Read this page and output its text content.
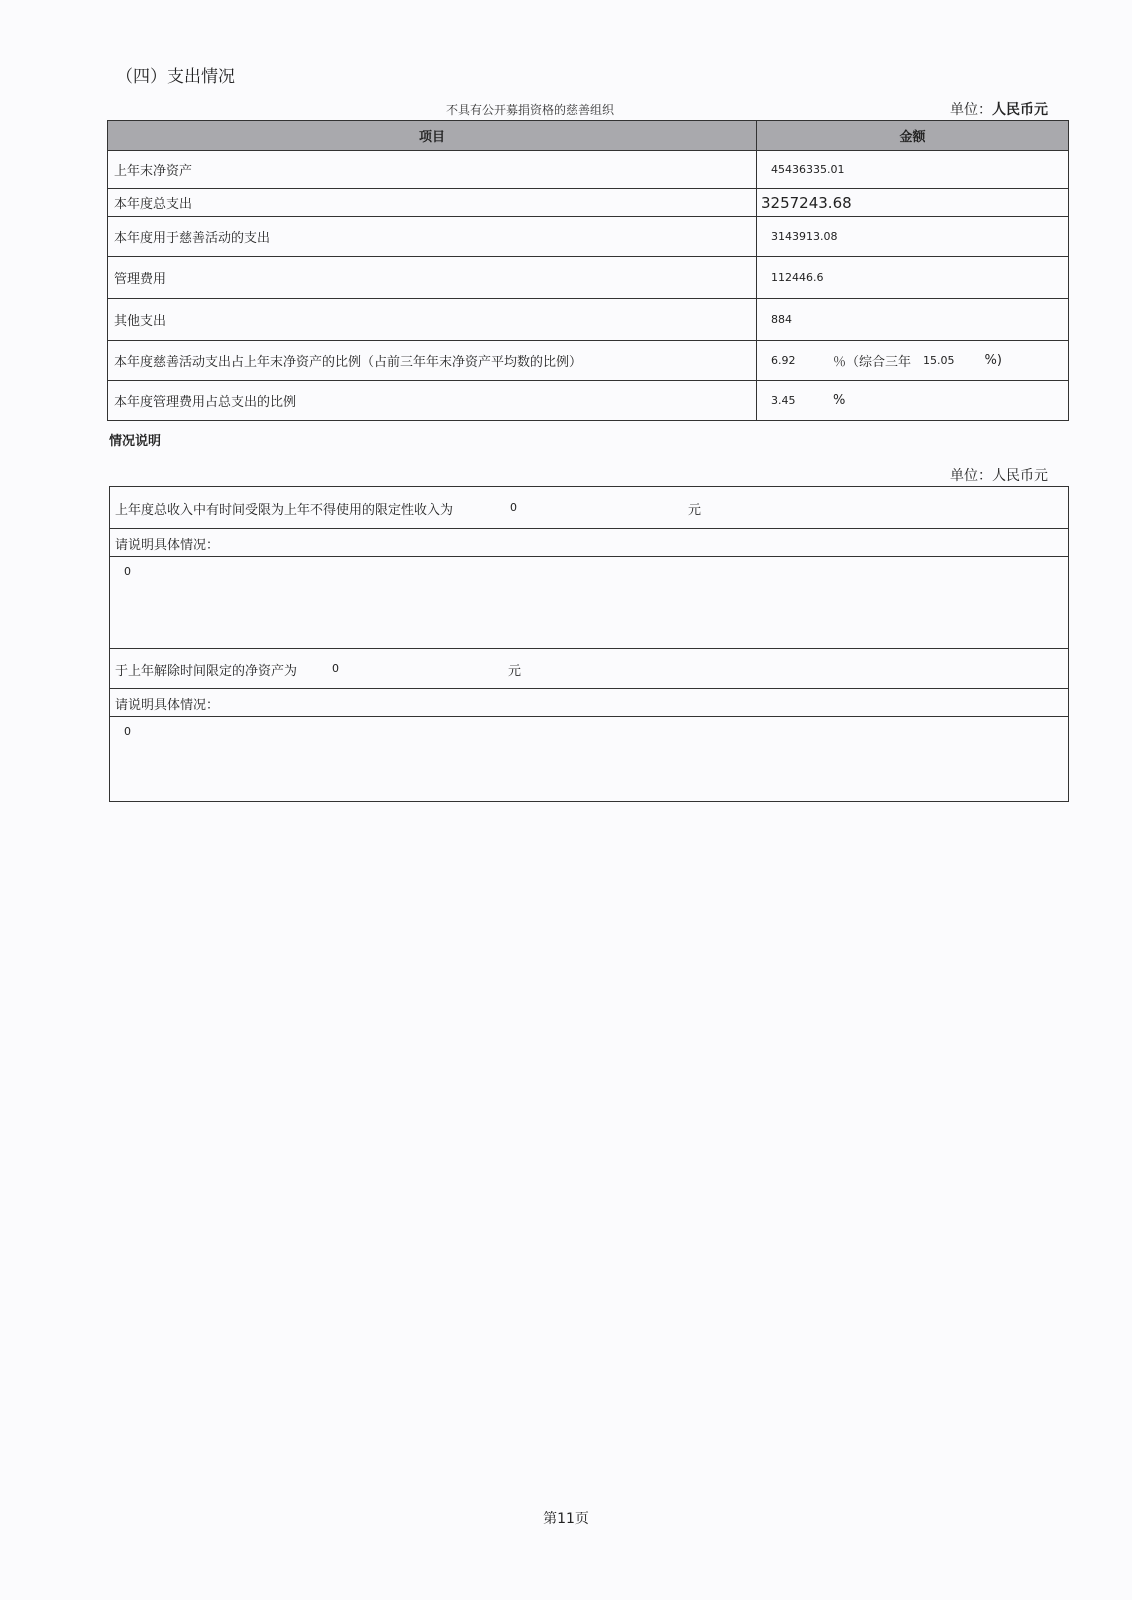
（四）支出情况
不具有公开募捐资格的慈善组织	单位：人民币元
项目	金额
上年末净资产	45436335.01
本年度总支出	3257243.68
本年度用于慈善活动的支出	3143913.08
管理费用	112446.6
其他支出	884
本年度慈善活动支出占上年末净资产的比例（占前三年年末净资产平均数的比例）	6.92 ％（综合三年 15.05 %)

本年度管理费用占总支出的比例	3.45 %
情况说明
单位：人民币元
上年度总收入中有时间受限为上年不得使用的限定性收入为	0	元
请说明具体情况：
0
于上年解除时间限定的净资产为	0	元
请说明具体情况：
0
第11页
